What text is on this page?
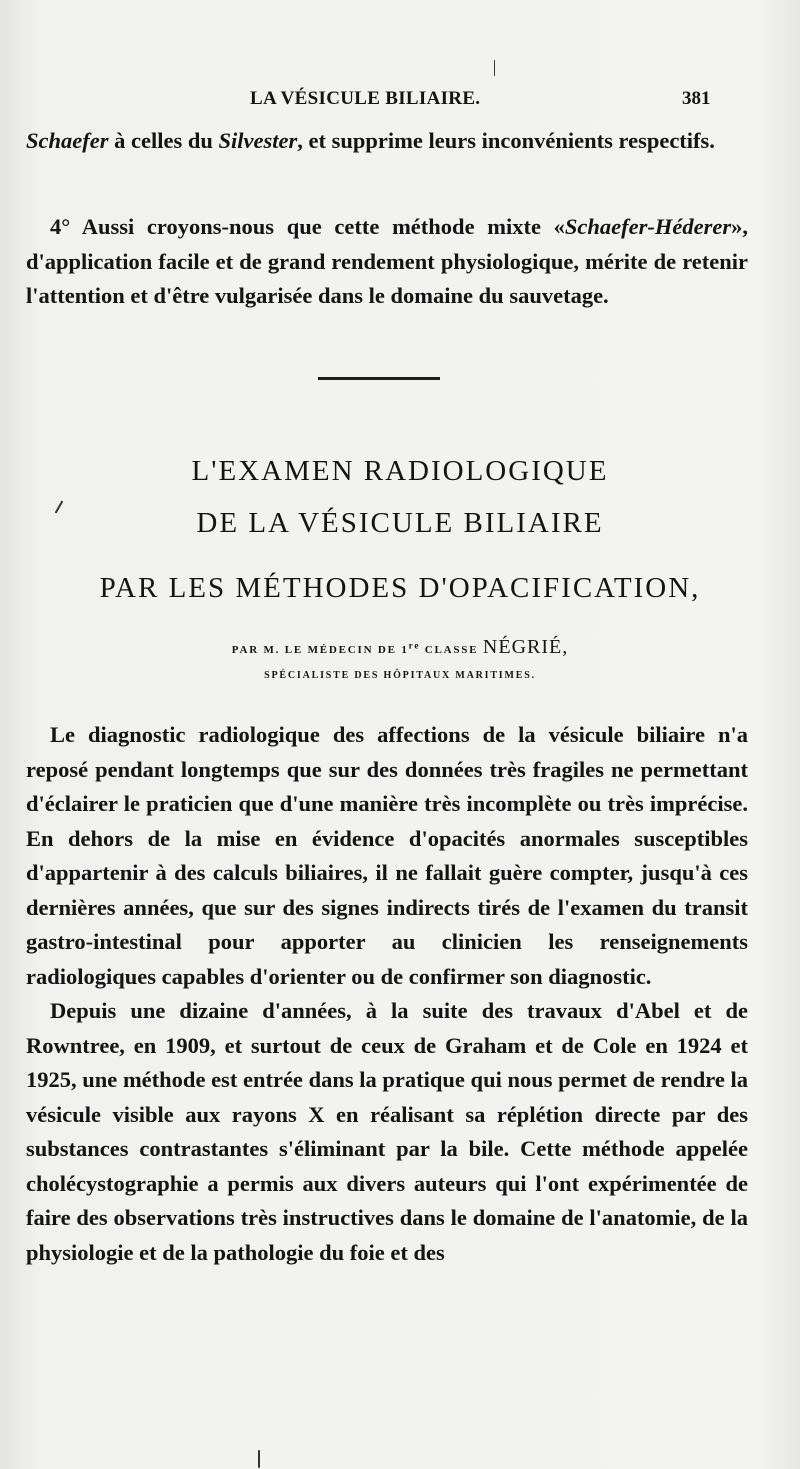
LA VÉSICULE BILIAIRE.	381

Schaefer à celles du Silvester, et supprime leurs inconvénients respectifs.

4° Aussi croyons-nous que cette méthode mixte «Schaefer-Héderer», d'application facile et de grand rendement physiologique, mérite de retenir l'attention et d'être vulgarisée dans le domaine du sauvetage.

L'EXAMEN RADIOLOGIQUE
DE LA VÉSICULE BILIAIRE
PAR LES MÉTHODES D'OPACIFICATION,
PAR M. LE MÉDECIN DE 1re CLASSE NÉGRIÉ,
SPÉCIALISTE DES HÔPITAUX MARITIMES.

Le diagnostic radiologique des affections de la vésicule biliaire n'a reposé pendant longtemps que sur des données très fragiles ne permettant d'éclairer le praticien que d'une manière très incomplète ou très imprécise. En dehors de la mise en évidence d'opacités anormales susceptibles d'appartenir à des calculs biliaires, il ne fallait guère compter, jusqu'à ces dernières années, que sur des signes indirects tirés de l'examen du transit gastro-intestinal pour apporter au clinicien les renseignements radiologiques capables d'orienter ou de confirmer son diagnostic.

Depuis une dizaine d'années, à la suite des travaux d'Abel et de Rowntree, en 1909, et surtout de ceux de Graham et de Cole en 1924 et 1925, une méthode est entrée dans la pratique qui nous permet de rendre la vésicule visible aux rayons X en réalisant sa réplétion directe par des substances contrastantes s'éliminant par la bile. Cette méthode appelée cholécystographie a permis aux divers auteurs qui l'ont expérimentée de faire des observations très instructives dans le domaine de l'anatomie, de la physiologie et de la pathologie du foie et des
